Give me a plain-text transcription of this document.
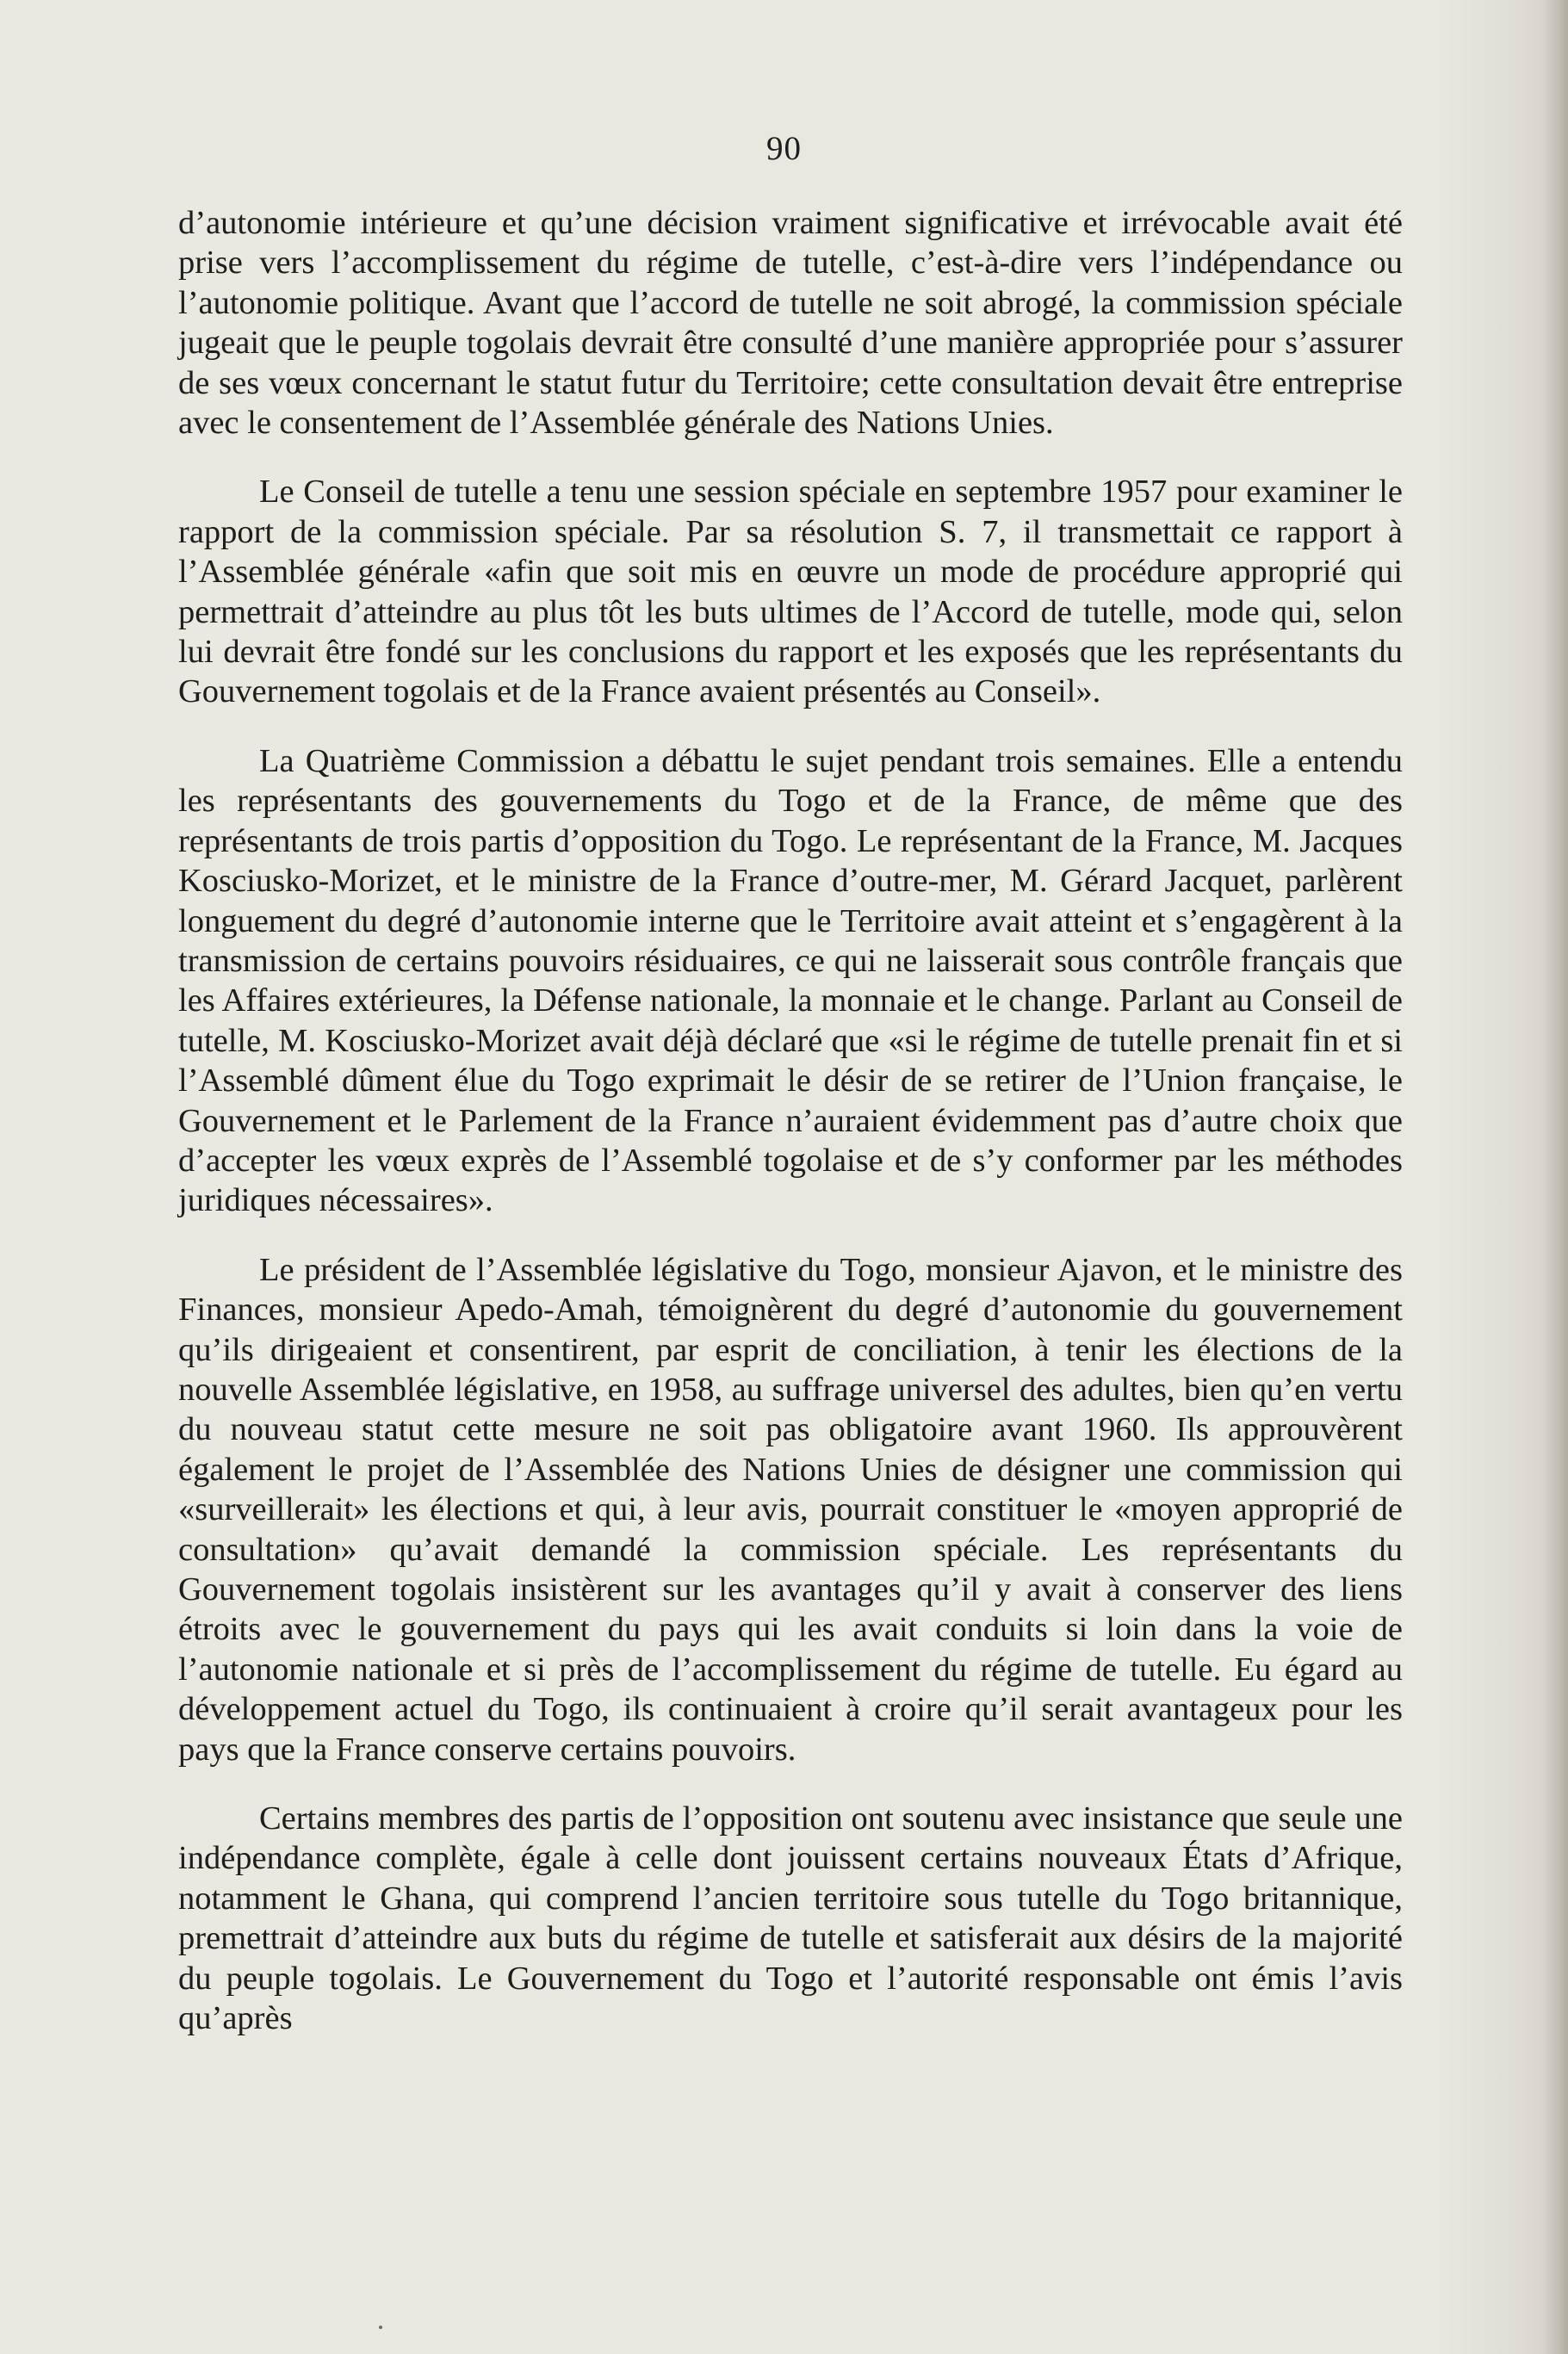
90

d’autonomie intérieure et qu’une décision vraiment significative et irrévocable avait été prise vers l’accomplissement du régime de tutelle, c’est-à-dire vers l’indépendance ou l’autonomie politique. Avant que l’accord de tutelle ne soit abrogé, la commission spéciale jugeait que le peuple togolais devrait être consulté d’une manière appropriée pour s’assurer de ses vœux concernant le statut futur du Territoire; cette consultation devait être entreprise avec le consentement de l’Assemblée générale des Nations Unies.

Le Conseil de tutelle a tenu une session spéciale en septembre 1957 pour examiner le rapport de la commission spéciale. Par sa résolution S. 7, il transmettait ce rapport à l’Assemblée générale «afin que soit mis en œuvre un mode de procédure approprié qui permettrait d’atteindre au plus tôt les buts ultimes de l’Accord de tutelle, mode qui, selon lui devrait être fondé sur les conclusions du rapport et les exposés que les représentants du Gouvernement togolais et de la France avaient présentés au Conseil».

La Quatrième Commission a débattu le sujet pendant trois semaines. Elle a entendu les représentants des gouvernements du Togo et de la France, de même que des représentants de trois partis d’opposition du Togo. Le représentant de la France, M. Jacques Kosciusko-Morizet, et le ministre de la France d’outre-mer, M. Gérard Jacquet, parlèrent longuement du degré d’autonomie interne que le Territoire avait atteint et s’engagèrent à la transmission de certains pouvoirs résiduaires, ce qui ne laisserait sous contrôle français que les Affaires extérieures, la Défense nationale, la monnaie et le change. Parlant au Conseil de tutelle, M. Kosciusko-Morizet avait déjà déclaré que «si le régime de tutelle prenait fin et si l’Assemblé dûment élue du Togo exprimait le désir de se retirer de l’Union française, le Gouvernement et le Parlement de la France n’auraient évidemment pas d’autre choix que d’accepter les vœux exprès de l’Assemblé togolaise et de s’y conformer par les méthodes juridiques nécessaires».

Le président de l’Assemblée législative du Togo, monsieur Ajavon, et le ministre des Finances, monsieur Apedo-Amah, témoignèrent du degré d’autonomie du gouvernement qu’ils dirigeaient et consentirent, par esprit de conciliation, à tenir les élections de la nouvelle Assemblée législative, en 1958, au suffrage universel des adultes, bien qu’en vertu du nouveau statut cette mesure ne soit pas obligatoire avant 1960. Ils approuvèrent également le projet de l’Assemblée des Nations Unies de désigner une commission qui «surveillerait» les élections et qui, à leur avis, pourrait constituer le «moyen approprié de consultation» qu’avait demandé la commission spéciale. Les représentants du Gouvernement togolais insistèrent sur les avantages qu’il y avait à conserver des liens étroits avec le gouvernement du pays qui les avait conduits si loin dans la voie de l’autonomie nationale et si près de l’accomplissement du régime de tutelle. Eu égard au développement actuel du Togo, ils continuaient à croire qu’il serait avantageux pour les pays que la France conserve certains pouvoirs.

Certains membres des partis de l’opposition ont soutenu avec insistance que seule une indépendance complète, égale à celle dont jouissent certains nouveaux États d’Afrique, notamment le Ghana, qui comprend l’ancien territoire sous tutelle du Togo britannique, premettrait d’atteindre aux buts du régime de tutelle et satisferait aux désirs de la majorité du peuple togolais. Le Gouvernement du Togo et l’autorité responsable ont émis l’avis qu’après
